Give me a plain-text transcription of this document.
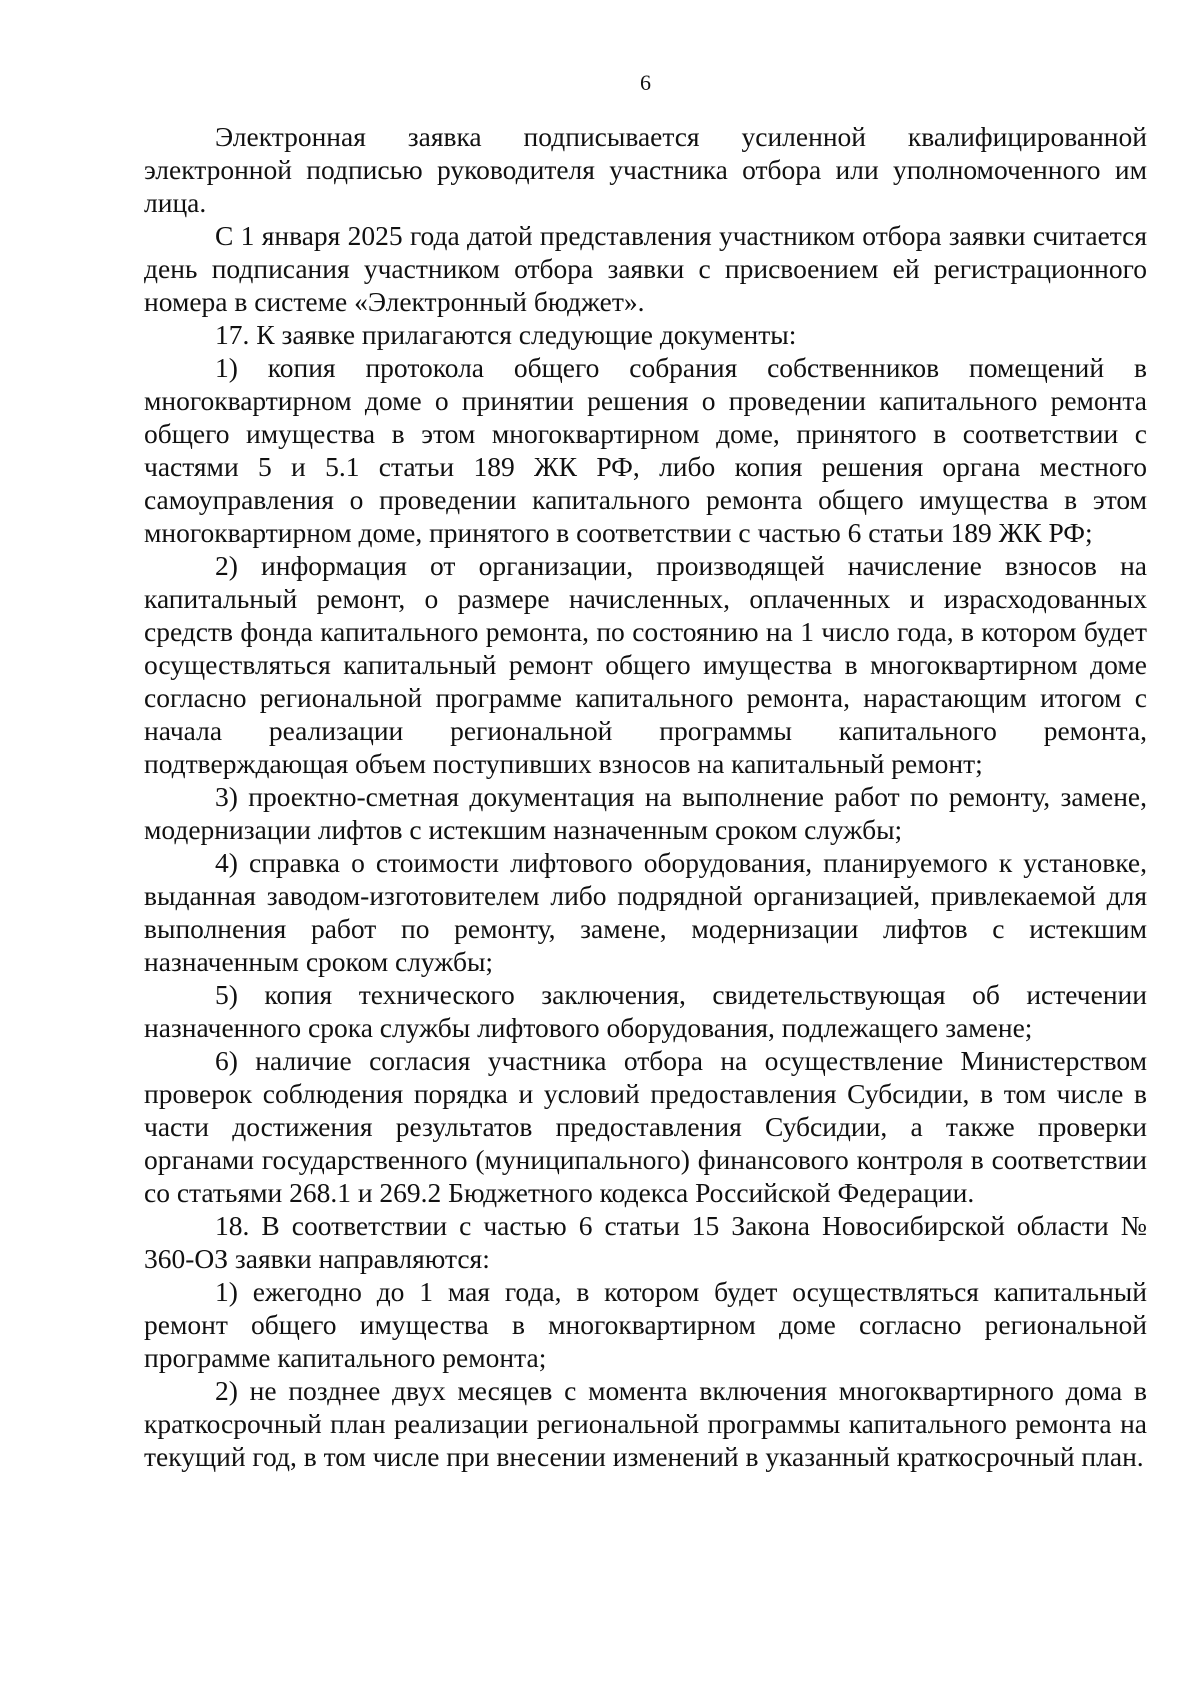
6

Электронная заявка подписывается усиленной квалифицированной электронной подписью руководителя участника отбора или уполномоченного им лица.

С 1 января 2025 года датой представления участником отбора заявки считается день подписания участником отбора заявки с присвоением ей регистрационного номера в системе «Электронный бюджет».

17. К заявке прилагаются следующие документы:

1) копия протокола общего собрания собственников помещений в многоквартирном доме о принятии решения о проведении капитального ремонта общего имущества в этом многоквартирном доме, принятого в соответствии с частями 5 и 5.1 статьи 189 ЖК РФ, либо копия решения органа местного самоуправления о проведении капитального ремонта общего имущества в этом многоквартирном доме, принятого в соответствии с частью 6 статьи 189 ЖК РФ;

2) информация от организации, производящей начисление взносов на капитальный ремонт, о размере начисленных, оплаченных и израсходованных средств фонда капитального ремонта, по состоянию на 1 число года, в котором будет осуществляться капитальный ремонт общего имущества в многоквартирном доме согласно региональной программе капитального ремонта, нарастающим итогом с начала реализации региональной программы капитального ремонта, подтверждающая объем поступивших взносов на капитальный ремонт;

3) проектно-сметная документация на выполнение работ по ремонту, замене, модернизации лифтов с истекшим назначенным сроком службы;

4) справка о стоимости лифтового оборудования, планируемого к установке, выданная заводом-изготовителем либо подрядной организацией, привлекаемой для выполнения работ по ремонту, замене, модернизации лифтов с истекшим назначенным сроком службы;

5) копия технического заключения, свидетельствующая об истечении назначенного срока службы лифтового оборудования, подлежащего замене;

6) наличие согласия участника отбора на осуществление Министерством проверок соблюдения порядка и условий предоставления Субсидии, в том числе в части достижения результатов предоставления Субсидии, а также проверки органами государственного (муниципального) финансового контроля в соответствии со статьями 268.1 и 269.2 Бюджетного кодекса Российской Федерации.

18. В соответствии с частью 6 статьи 15 Закона Новосибирской области № 360-ОЗ заявки направляются:

1) ежегодно до 1 мая года, в котором будет осуществляться капитальный ремонт общего имущества в многоквартирном доме согласно региональной программе капитального ремонта;

2) не позднее двух месяцев с момента включения многоквартирного дома в краткосрочный план реализации региональной программы капитального ремонта на текущий год, в том числе при внесении изменений в указанный краткосрочный план.
